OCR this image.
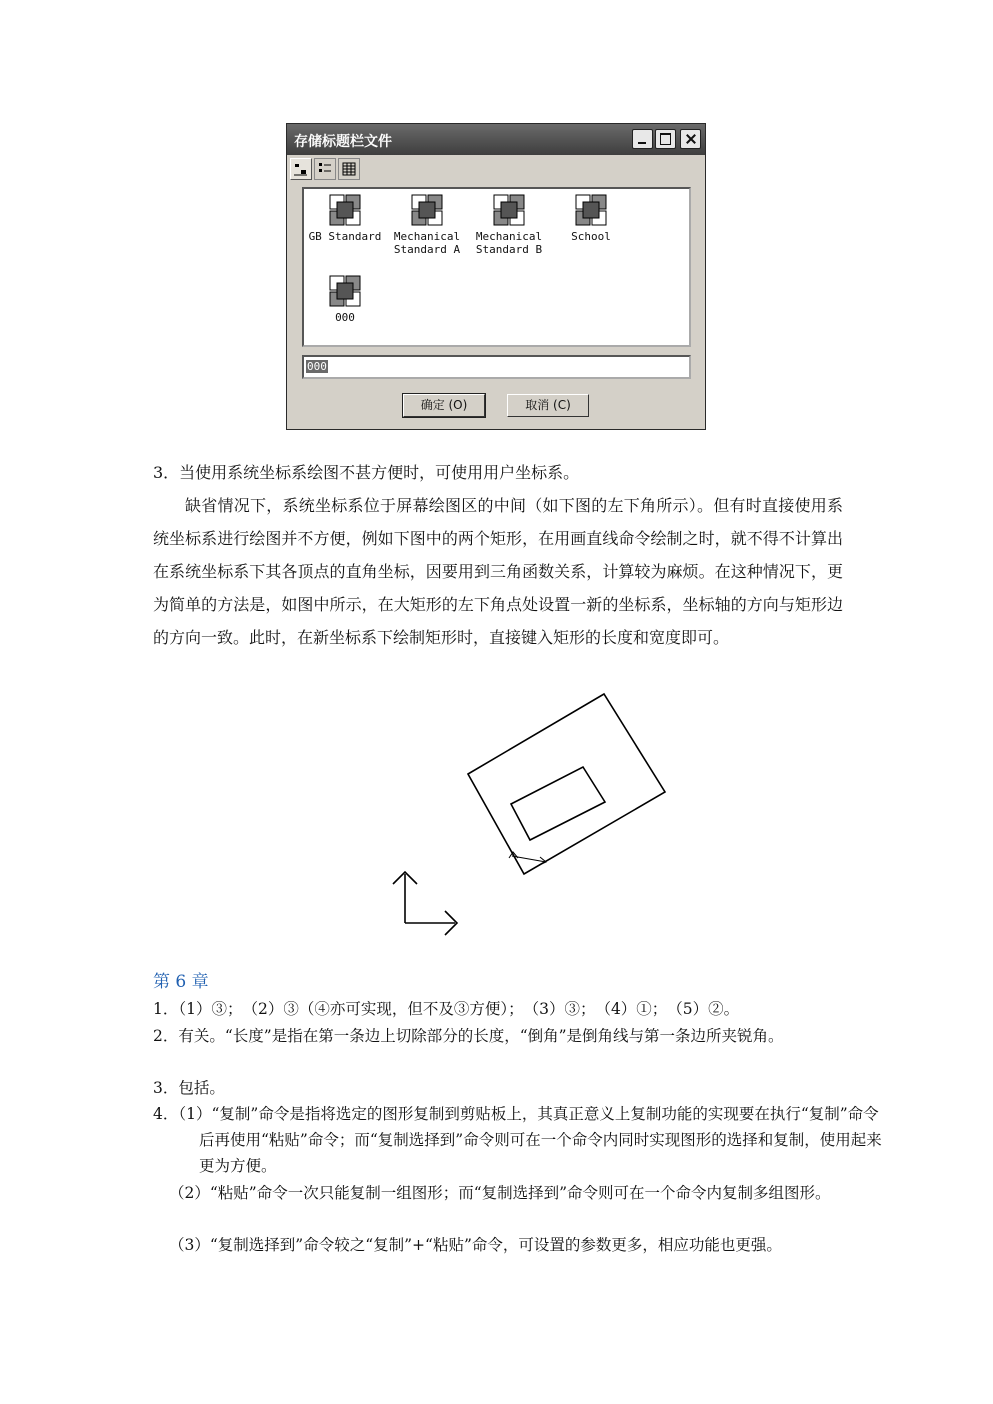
存储标题栏文件
GB Standard	Mechanical
Standard A
Mechanical
Standard B
School
000
000
确定 (O)	取消 (C)
3．当使用系统坐标系绘图不甚方便时，可使用用户坐标系。
缺省情况下，系统坐标系位于屏幕绘图区的中间（如下图的左下角所示）。但有时直接使用系统坐标系进行绘图并不方便，例如下图中的两个矩形，在用画直线命令绘制之时，就不得不计算出在系统坐标系下其各顶点的直角坐标，因要用到三角函数关系，计算较为麻烦。在这种情况下，更为简单的方法是，如图中所示，在大矩形的左下角点处设置一新的坐标系，坐标轴的方向与矩形边的方向一致。此时，在新坐标系下绘制矩形时，直接键入矩形的长度和宽度即可。
第 6 章
1．（1）③；　（2）③（④亦可实现，但不及③方便）；　（3）③；　（4）①；　（5）②。
2．有关。“长度”是指在第一条边上切除部分的长度，“倒角”是倒角线与第一条边所夹锐角。
3．包括。
4．（1）“复制”命令是指将选定的图形复制到剪贴板上，其真正意义上复制功能的实现要在执行“复制”命令后再使用“粘贴”命令；而“复制选择到”命令则可在一个命令内同时实现图形的选择和复制，使用起来更为方便。
（2）“粘贴”命令一次只能复制一组图形；而“复制选择到”命令则可在一个命令内复制多组图形。
（3）“复制选择到”命令较之“复制”+“粘贴”命令，可设置的参数更多，相应功能也更强。
